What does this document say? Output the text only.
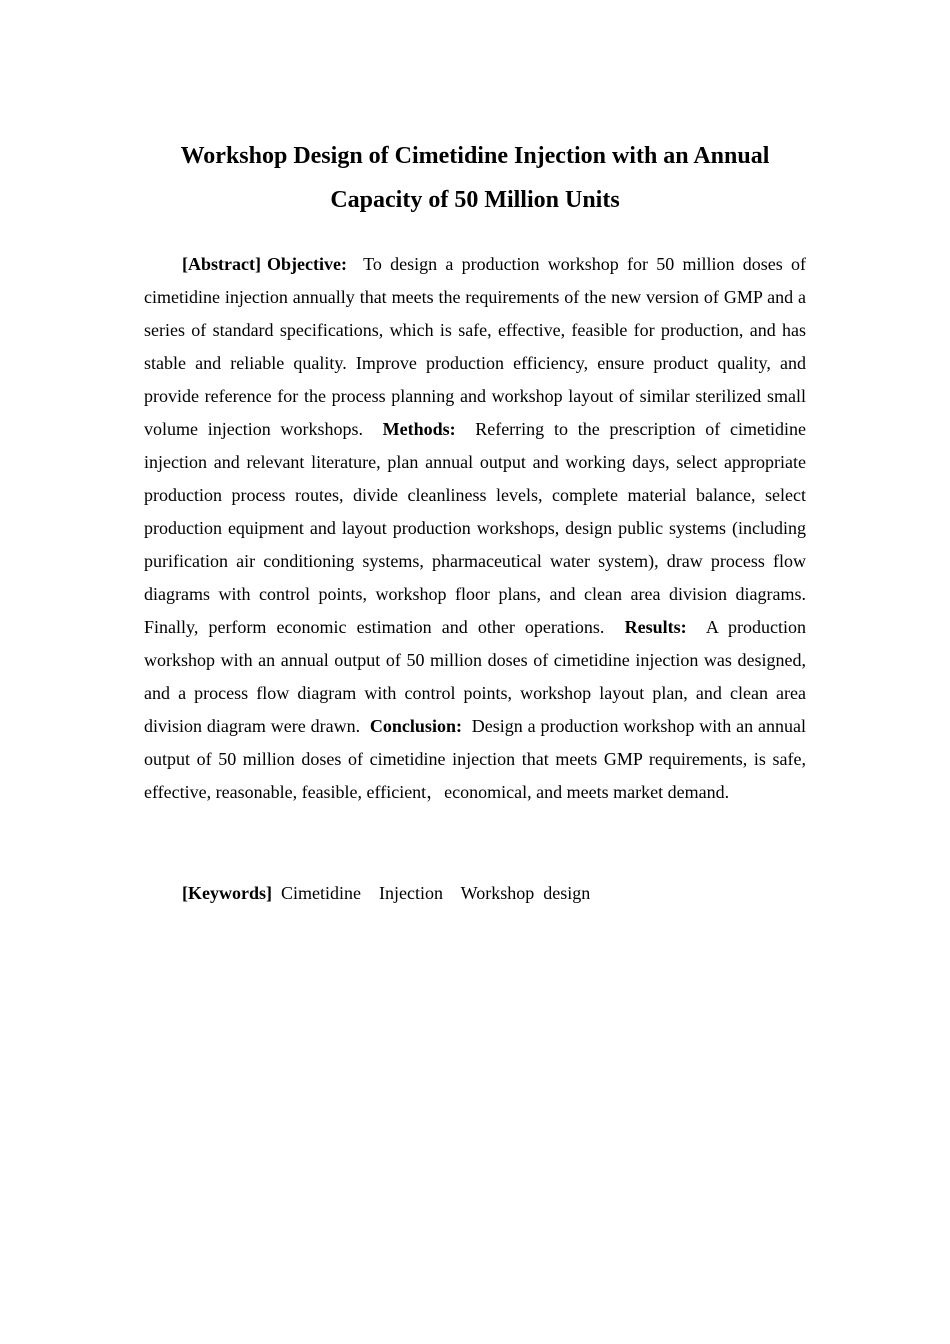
Workshop Design of Cimetidine Injection with an Annual
Capacity of 50 Million Units

[Abstract] Objective: To design a production workshop for 50 million doses of cimetidine injection annually that meets the requirements of the new version of GMP and a series of standard specifications, which is safe, effective, feasible for production, and has stable and reliable quality. Improve production efficiency, ensure product quality, and provide reference for the process planning and workshop layout of similar sterilized small volume injection workshops. Methods: Referring to the prescription of cimetidine injection and relevant literature, plan annual output and working days, select appropriate production process routes, divide cleanliness levels, complete material balance, select production equipment and layout production workshops, design public systems (including purification air conditioning systems, pharmaceutical water system), draw process flow diagrams with control points, workshop floor plans, and clean area division diagrams. Finally, perform economic estimation and other operations. Results: A production workshop with an annual output of 50 million doses of cimetidine injection was designed, and a process flow diagram with control points, workshop layout plan, and clean area division diagram were drawn. Conclusion: Design a production workshop with an annual output of 50 million doses of cimetidine injection that meets GMP requirements, is safe, effective, reasonable, feasible, efficient，economical, and meets market demand.

[Keywords] Cimetidine Injection Workshop  design
